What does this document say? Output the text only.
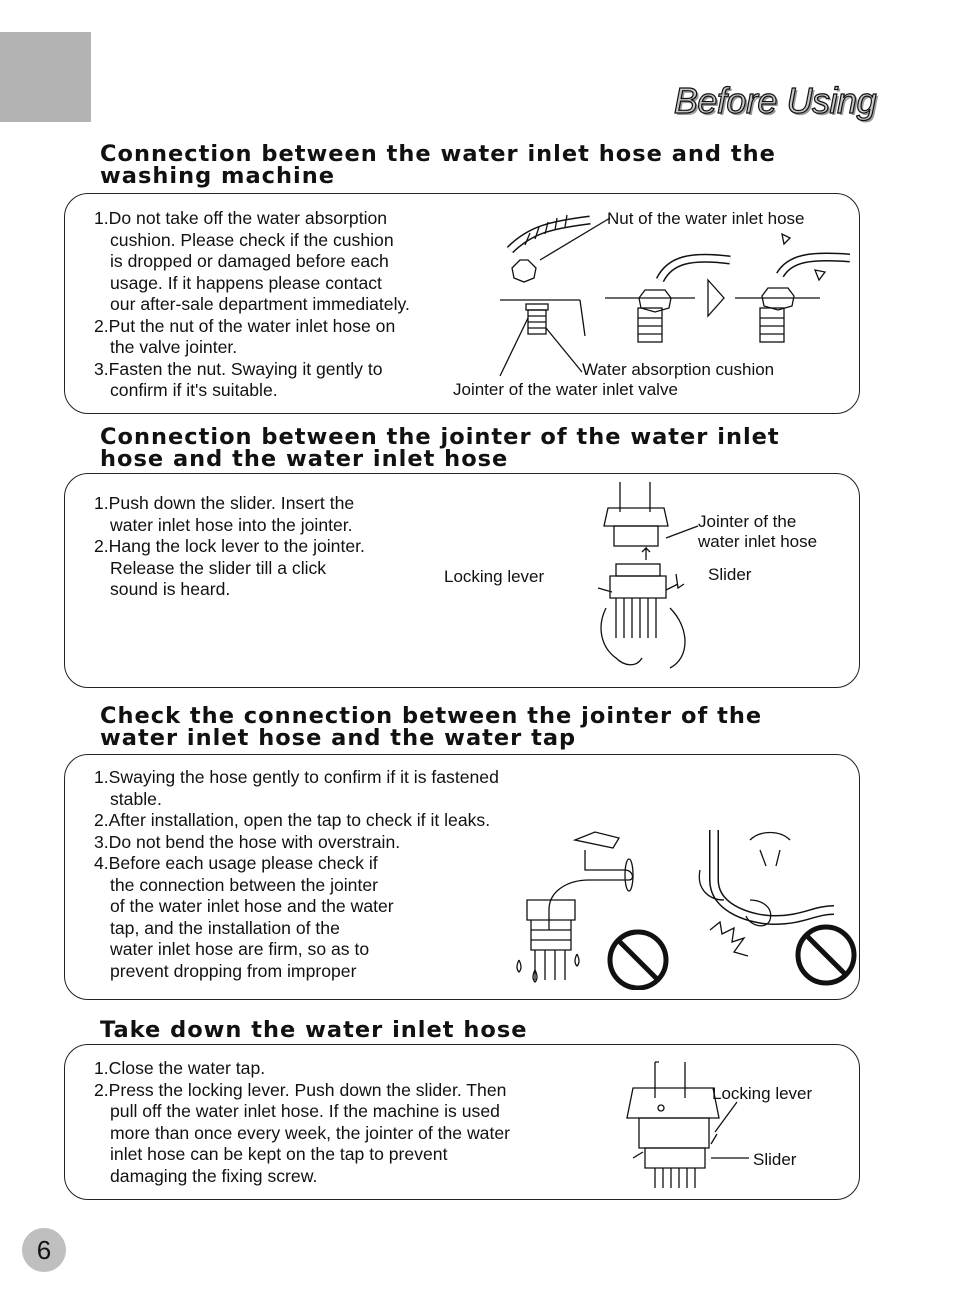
Before Using
Connection between the water inlet hose and the
washing machine
1.Do not take off the water absorption
cushion. Please check if the cushion
is dropped or damaged before each
usage. If it happens please contact
our after-sale department immediately.
2.Put the nut of the water inlet hose on
the valve jointer.
3.Fasten the nut. Swaying it gently to
confirm if it's suitable.
Nut of the water inlet hose
Water absorption cushion
Jointer of the water inlet valve
Connection between the jointer of the water inlet
hose and the water inlet hose
1.Push down the slider. Insert the
water inlet hose into the jointer.
2.Hang the lock lever to the jointer.
Release the slider till a click
sound is heard.
Jointer of the
water inlet hose
Locking lever	Slider
Check the connection between the jointer of the
water inlet hose and the water tap
1.Swaying the hose gently to confirm if it is fastened
stable.
2.After installation, open the tap to check if it leaks.
3.Do not bend the hose with overstrain.
4.Before each usage please check if
the connection between the jointer
of the water inlet hose and the water
tap, and the installation of the
water inlet hose are firm, so as to
prevent dropping from improper
Take down the water inlet hose
1.Close the water tap.
2.Press the locking lever. Push down the slider. Then
pull off the water inlet hose. If the machine is used
more than once every week, the jointer of the water
inlet hose can be kept on the tap to prevent
damaging the fixing screw.
Locking lever
Slider
6
